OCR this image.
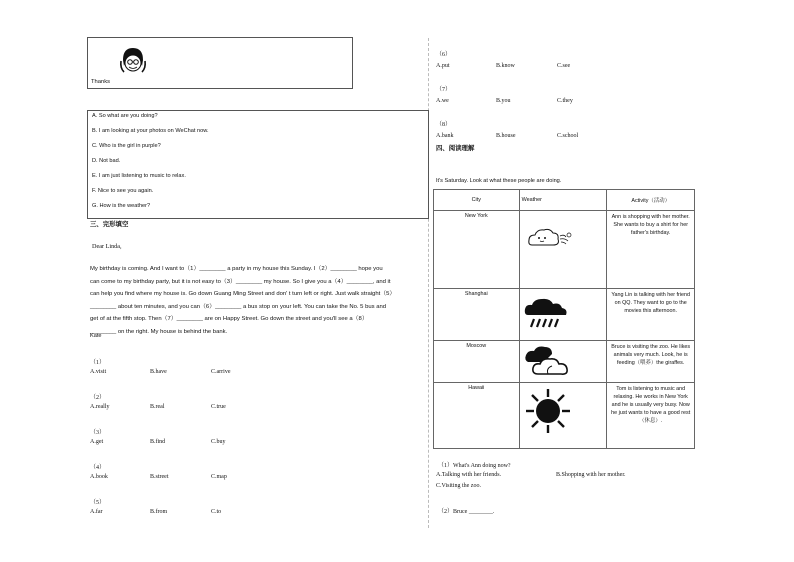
Thanks
A. So what are you doing?
B. I am looking at your photos on WeChat now.
C. Who is the girl in purple?
D. Not bad.
E. I am just listening to music to relax.
F. Nice to see you again.
G. How is the weather?
三、完形填空
Dear Linda,
My birthday is coming. And I want to（1）________ a party in my house this Sunday. I（2）________ hope you
can come to my birthday party, but it is not easy to（3）________ my house. So I give you a（4）________, and it
can help you find where my house is. Go down Guang Ming Street and don' t turn left or right. Just walk straight（5）
________ about ten minutes, and you can（6）________ a bus stop on your left. You can take the No. 5 bus and
get of at the fifth stop. Then（7）________ are on Happy Street. Go down the street and you'll see a（8）
________ on the right. My house is behind the bank.
Kate
（1）
A.visit	B.have	C.arrive
（2）
A.really	B.real	C.true
（3）
A.get	B.find	C.buy
（4）
A.book	B.street	C.map
（5）
A.far	B.from	C.to
（6）
A.put	B.know	C.see
（7）
A.we	B.you	C.they
（8）
A.bank	B.house	C.school
四、阅读理解
It's Saturday. Look at what these people are doing.
City	Weather	Activity（活动）
New York		Ann is shopping with her mother. She wants to buy a shirt for her father's birthday.
Shanghai		Yang Lin is talking with her friend on QQ. They want to go to the movies this afternoon.
Moscow		Bruce is visiting the zoo. He likes animals very much. Look, he is feeding（喂养）the giraffes.
Hawaii		Tom is listening to music and relaxing. He works in New York and he is usually very busy. Now he just wants to have a good rest（休息）.
（1）What's Ann doing now?
A.Talking with her friends.	B.Shopping with her mother.
C.Visiting the zoo.
（2）Bruce ________.
